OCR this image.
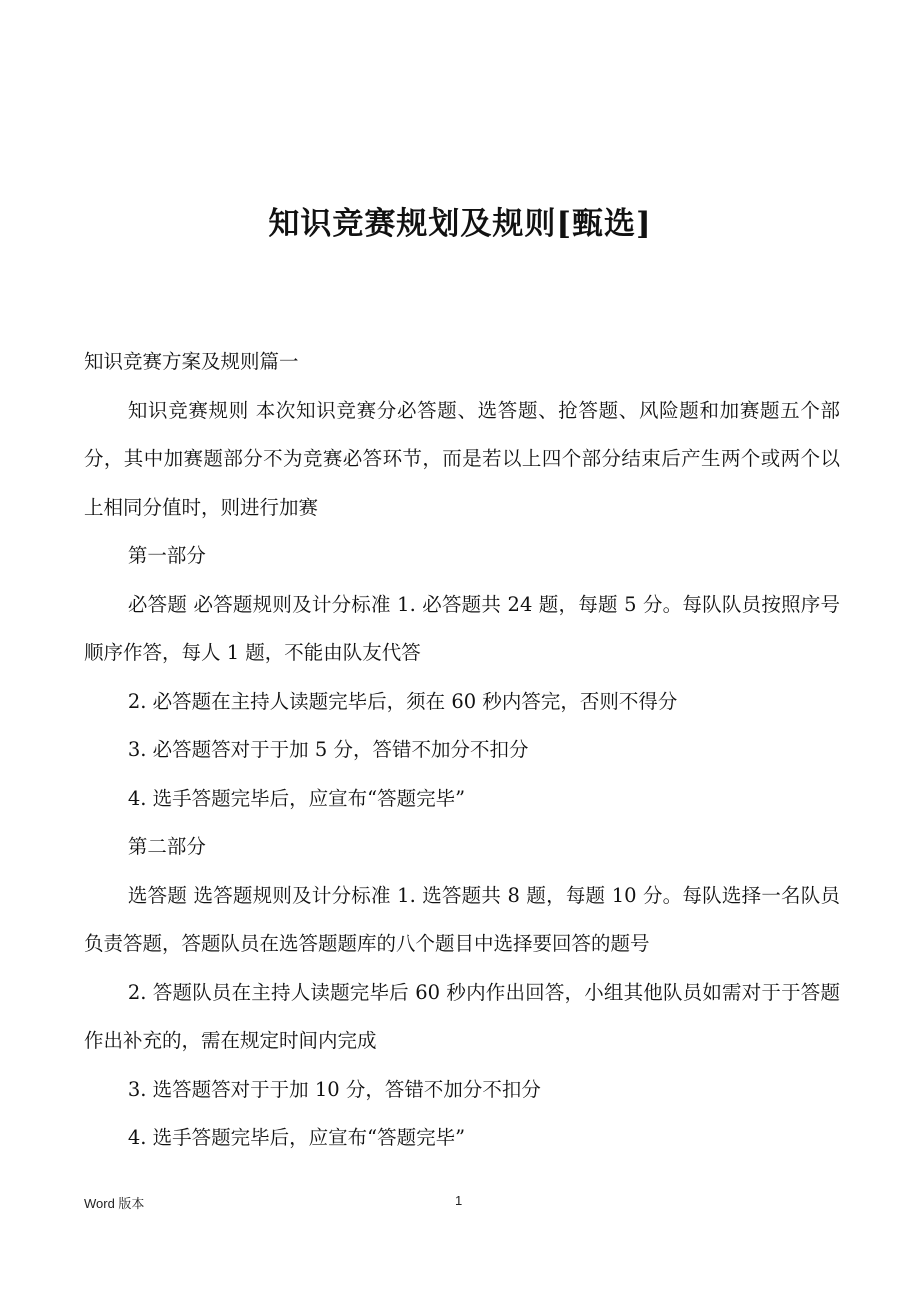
知识竞赛规划及规则[甄选]

知识竞赛方案及规则篇一

知识竞赛规则 本次知识竞赛分必答题、选答题、抢答题、风险题和加赛题五个部分，其中加赛题部分不为竞赛必答环节，而是若以上四个部分结束后产生两个或两个以上相同分值时，则进行加赛

第一部分

必答题 必答题规则及计分标准 1. 必答题共 24 题，每题 5 分。每队队员按照序号顺序作答，每人 1 题，不能由队友代答

2. 必答题在主持人读题完毕后，须在 60 秒内答完，否则不得分

3. 必答题答对于于加 5 分，答错不加分不扣分

4. 选手答题完毕后，应宣布“答题完毕”

第二部分

选答题 选答题规则及计分标准 1. 选答题共 8 题，每题 10 分。每队选择一名队员负责答题，答题队员在选答题题库的八个题目中选择要回答的题号

2. 答题队员在主持人读题完毕后 60 秒内作出回答，小组其他队员如需对于于答题作出补充的，需在规定时间内完成

3. 选答题答对于于加 10 分，答错不加分不扣分

4. 选手答题完毕后，应宣布“答题完毕”

Word 版本	1
